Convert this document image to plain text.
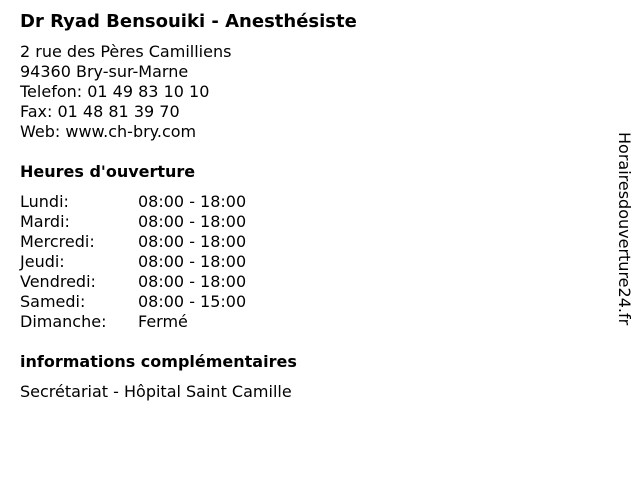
Dr Ryad Bensouiki - Anesthésiste
2 rue des Pères Camilliens
94360 Bry-sur-Marne
Telefon: 01 49 83 10 10
Fax: 01 48 81 39 70
Web: www.ch-bry.com
Heures d'ouverture
Lundi:	08:00 - 18:00
Mardi:	08:00 - 18:00
Mercredi:	08:00 - 18:00
Jeudi:	08:00 - 18:00
Vendredi:	08:00 - 18:00
Samedi:	08:00 - 15:00
Dimanche:	Fermé
informations complémentaires
Secrétariat - Hôpital Saint Camille
Horairesdouverture24.fr
